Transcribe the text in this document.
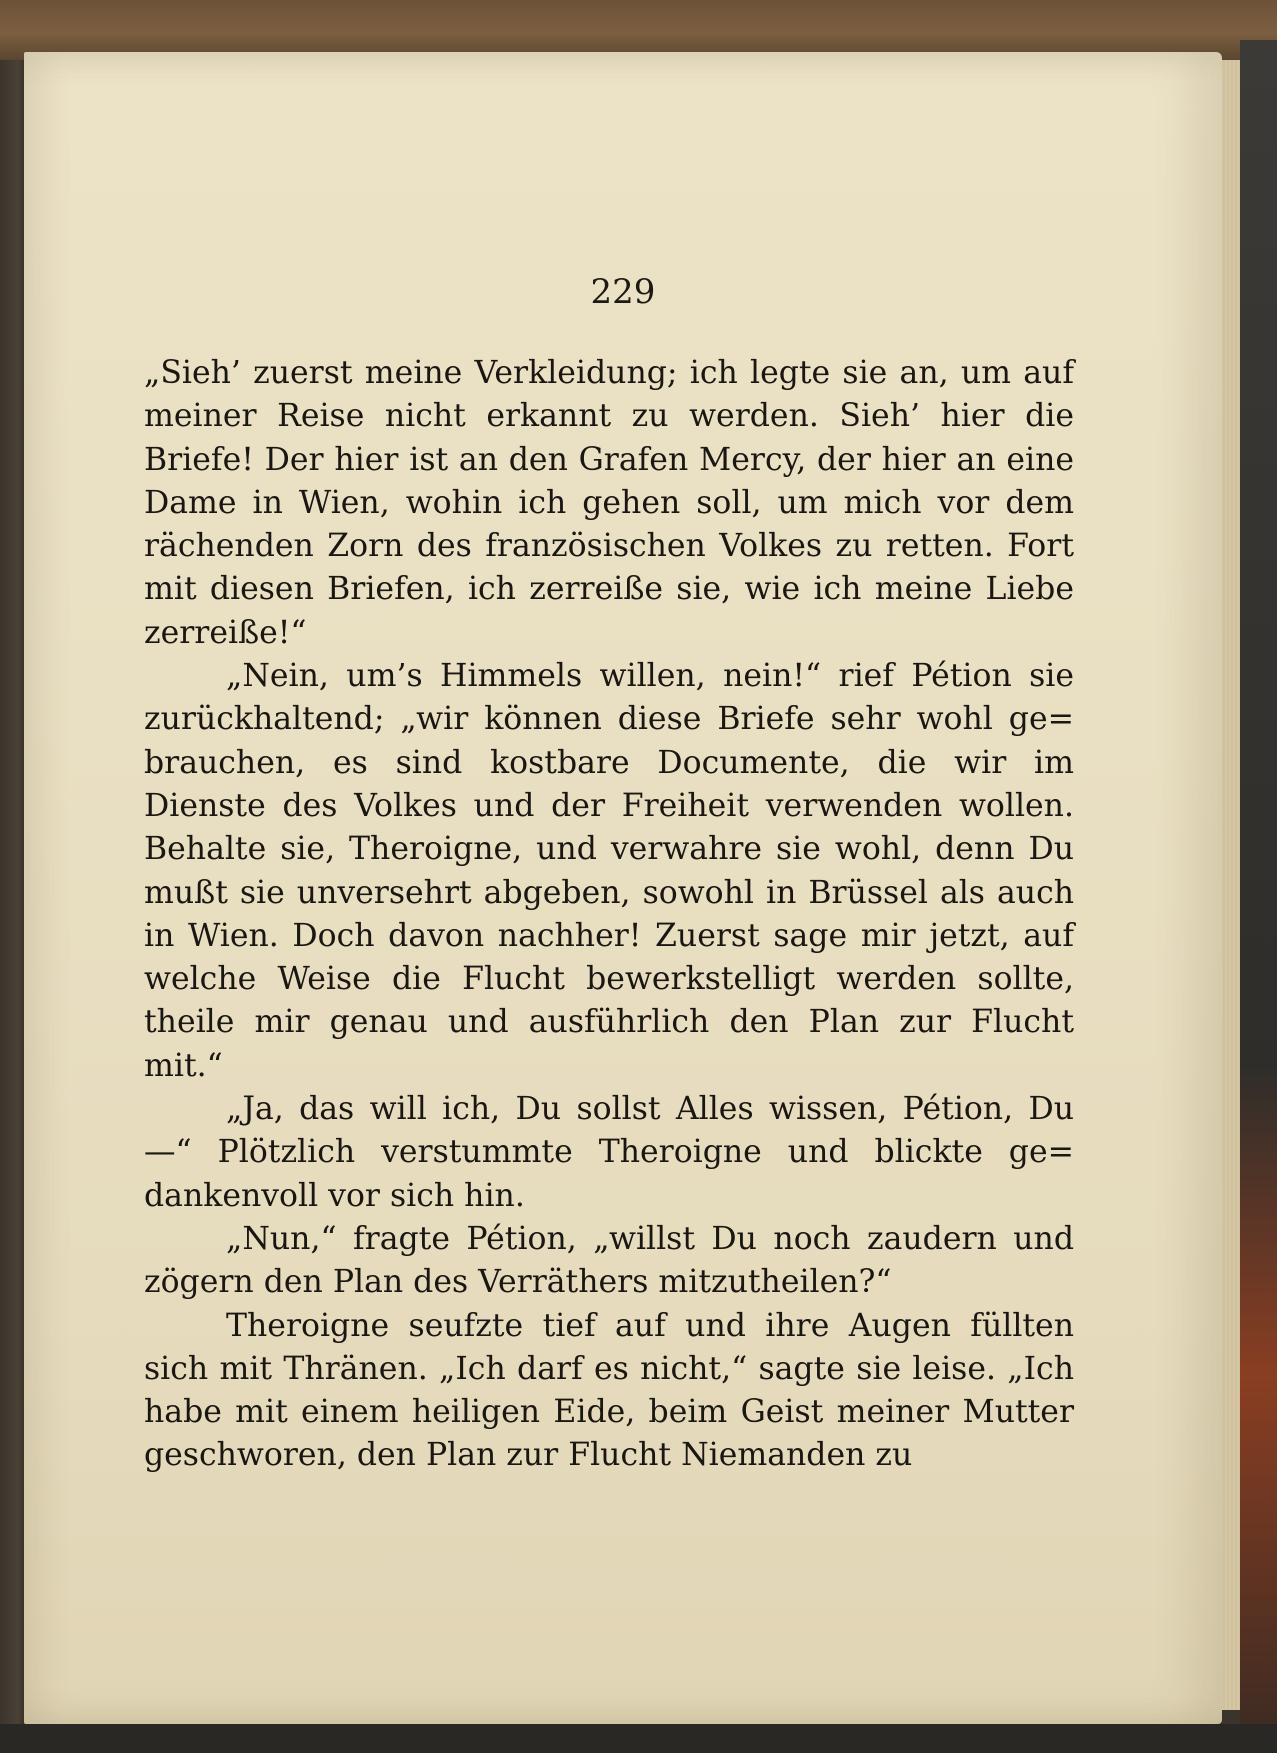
229

„Sieh’ zuerst meine Verkleidung; ich legte sie an, um auf meiner Reise nicht erkannt zu werden. Sieh’ hier die Briefe! Der hier ist an den Grafen Mercy, der hier an eine Dame in Wien, wohin ich gehen soll, um mich vor dem rächenden Zorn des französischen Volkes zu retten. Fort mit diesen Briefen, ich zerreiße sie, wie ich meine Liebe zerreiße!“

„Nein, um’s Himmels willen, nein!“ rief Pétion sie zurückhaltend; „wir können diese Briefe sehr wohl ge= brauchen, es sind kostbare Documente, die wir im Dienste des Volkes und der Freiheit verwenden wollen. Behalte sie, Theroigne, und verwahre sie wohl, denn Du mußt sie unversehrt abgeben, sowohl in Brüssel als auch in Wien. Doch davon nachher! Zuerst sage mir jetzt, auf welche Weise die Flucht bewerkstelligt werden sollte, theile mir genau und ausführlich den Plan zur Flucht mit.“

„Ja, das will ich, Du sollst Alles wissen, Pétion, Du —“ Plötzlich verstummte Theroigne und blickte ge= dankenvoll vor sich hin.

„Nun,“ fragte Pétion, „willst Du noch zaudern und zögern den Plan des Verräthers mitzutheilen?“

Theroigne seufzte tief auf und ihre Augen füllten sich mit Thränen. „Ich darf es nicht,“ sagte sie leise. „Ich habe mit einem heiligen Eide, beim Geist meiner Mutter geschworen, den Plan zur Flucht Niemanden zu
